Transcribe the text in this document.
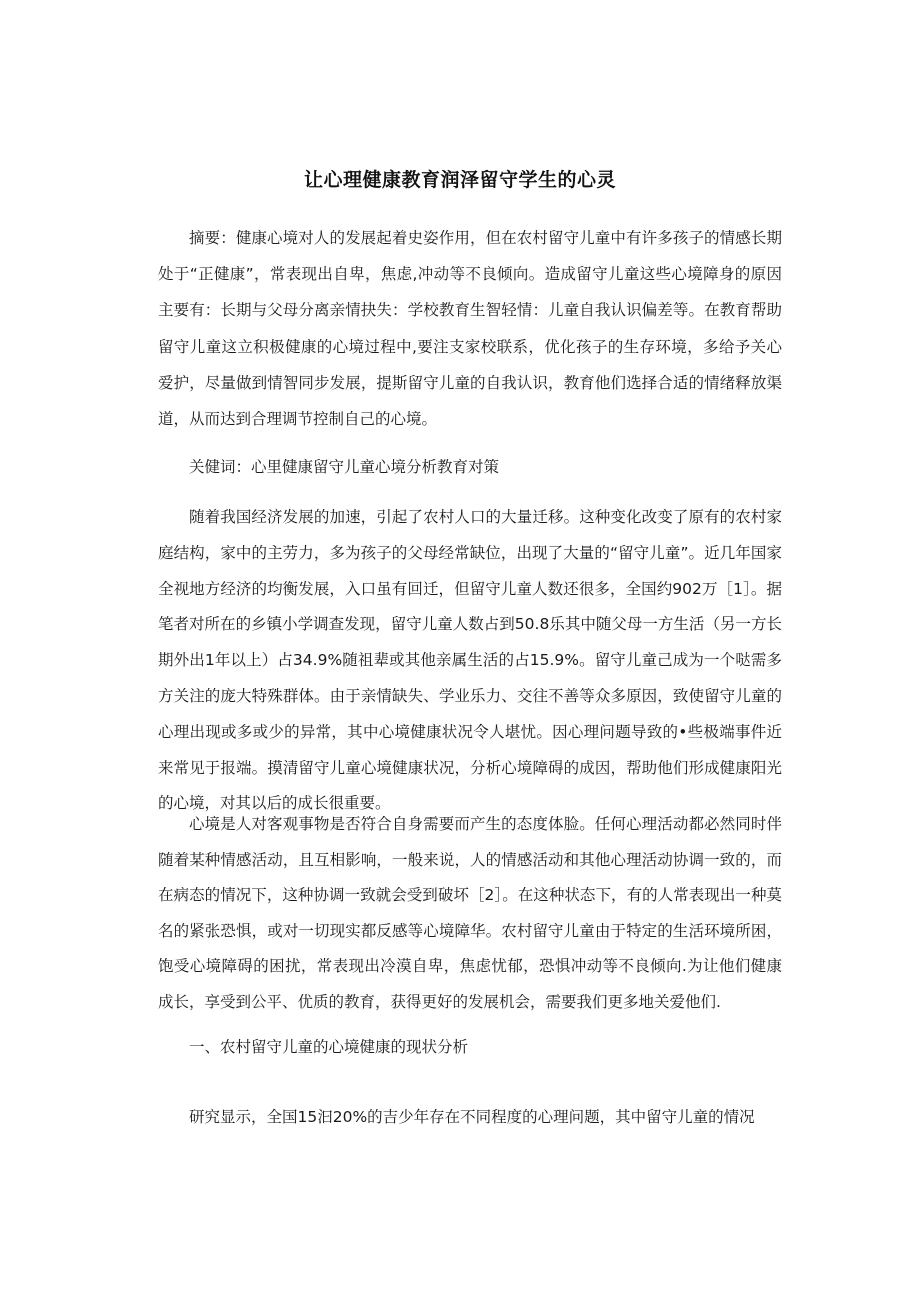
让心理健康教育润泽留守学生的心灵

摘要：健康心境对人的发展起着史姿作用，但在农村留守儿童中有许多孩子的情感长期处于“正健康”，常表现出自卑，焦虑,冲动等不良倾向。造成留守儿童这些心境障身的原因主要有：长期与父母分离亲情抉失：学校教育生智轻情：儿童自我认识偏差等。在教育帮助留守儿童这立积极健康的心境过程中,要注支家校联系，优化孩子的生存环境，多给予关心爱护，尽量做到情智同步发展，提斯留守儿童的自我认识，教育他们选择合适的情绪释放渠道，从而达到合理调节控制自己的心境。

关健词：心里健康留守儿童心境分析教育对策

随着我国经济发展的加速，引起了农村人口的大量迁移。这种变化改变了原有的农村家庭结构，家中的主劳力，多为孩子的父母经常缺位，出现了大量的“留守儿童”。近几年国家全视地方经济的均衡发展，入口虽有回迁，但留守儿童人数还很多，全国约902万［1］。据笔者对所在的乡镇小学调查发现，留守儿童人数占到50.8乐其中随父母一方生活（另一方长期外出1年以上）占34.9%随祖辈或其他亲属生活的占15.9%。留守儿童己成为一个哒需多方关注的庞大特殊群体。由于亲情缺失、学业乐力、交往不善等众多原因，致使留守儿童的心理出现或多或少的异常，其中心境健康状况令人堪忧。因心理问题导致的•些极端事件近来常见于报端。摸清留守儿童心境健康状况，分析心境障碍的成因，帮助他们形成健康阳光的心境，对其以后的成长很重要。

心境是人对客观事物是否符合自身需要而产生的态度体脸。任何心理活动都必然同时伴随着某种情感活动，且互相影响，一般来说，人的情感活动和其他心理活动协调一致的，而在病态的情况下，这种协调一致就会受到破坏［2］。在这种状态下，有的人常表现出一种莫名的紧张恐惧，或对一切现实都反感等心境障华。农村留守儿童由于特定的生活环境所困，饱受心境障碍的困扰，常表现出冷漠自卑，焦虑忧郁，恐惧冲动等不良倾向.为让他们健康成长，享受到公平、优质的教育，获得更好的发展机会，需要我们更多地关爱他们.

一、农村留守儿童的心境健康的现状分析

研究显示，全国15汩20%的吉少年存在不同程度的心理问题，其中留守儿童的情况
